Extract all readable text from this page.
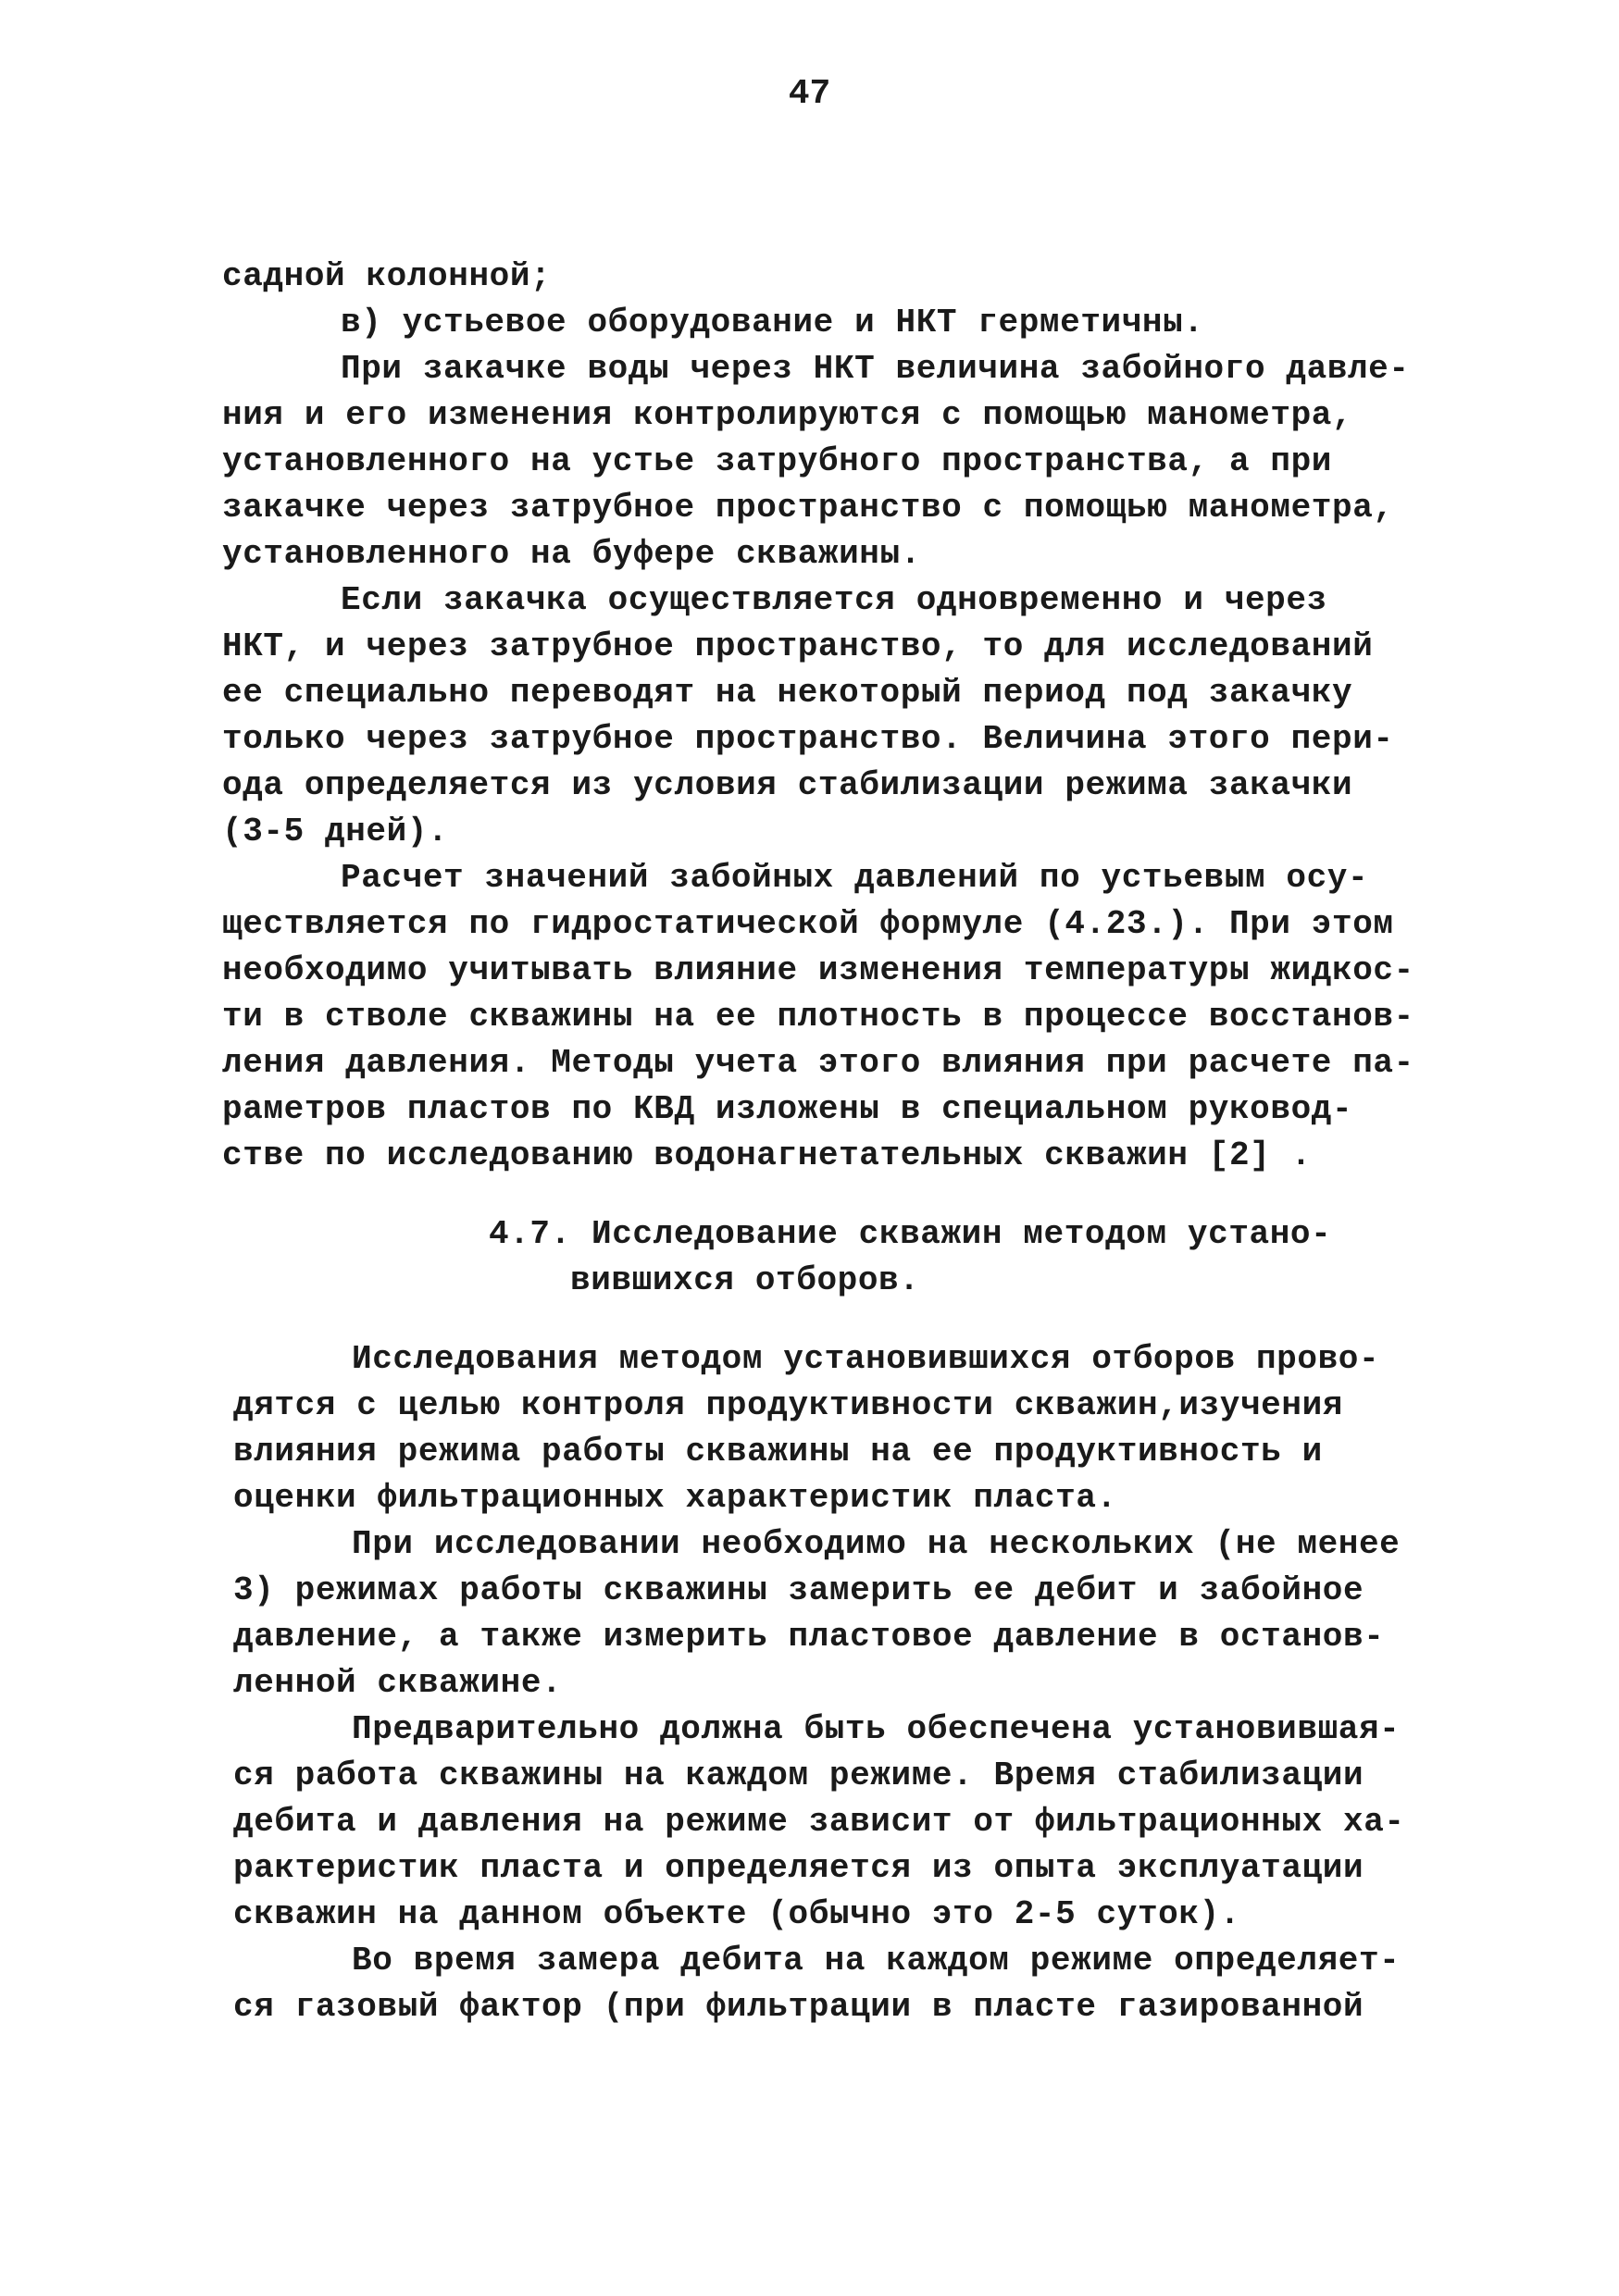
47
садной колонной;
в) устьевое оборудование и НКТ герметичны.
При закачке воды через НКТ величина забойного давле-
ния и его изменения контролируются с помощью манометра,
установленного на устье затрубного пространства, а при
закачке через затрубное пространство с помощью манометра,
установленного на буфере скважины.
Если закачка осуществляется одновременно и через
НКТ, и через затрубное пространство, то для исследований
ее специально переводят на некоторый период под закачку
только через затрубное пространство. Величина этого пери-
ода определяется из условия стабилизации режима закачки
(3-5 дней).
Расчет значений забойных давлений по устьевым осу-
ществляется по гидростатической формуле (4.23.). При этом
необходимо учитывать влияние изменения температуры жидкос-
ти в стволе скважины на ее плотность в процессе восстанов-
ления давления. Методы учета этого влияния при расчете па-
раметров пластов по КВД изложены в специальном руковод-
стве по исследованию водонагнетательных скважин [2] .
4.7. Исследование скважин методом устано-
вившихся отборов.
Исследования методом установившихся отборов прово-
дятся с целью контроля продуктивности скважин,изучения
влияния режима работы скважины на ее продуктивность и
оценки фильтрационных характеристик пласта.
При исследовании необходимо на нескольких (не менее
3) режимах работы скважины замерить ее дебит и забойное
давление, а также измерить пластовое давление в останов-
ленной скважине.
Предварительно должна быть обеспечена установившая-
ся работа скважины на каждом режиме. Время стабилизации
дебита и давления на режиме зависит от фильтрационных ха-
рактеристик пласта и определяется из опыта эксплуатации
скважин на данном объекте (обычно это 2-5 суток).
Во время замера дебита на каждом режиме определяет-
ся газовый фактор (при фильтрации в пласте газированной
